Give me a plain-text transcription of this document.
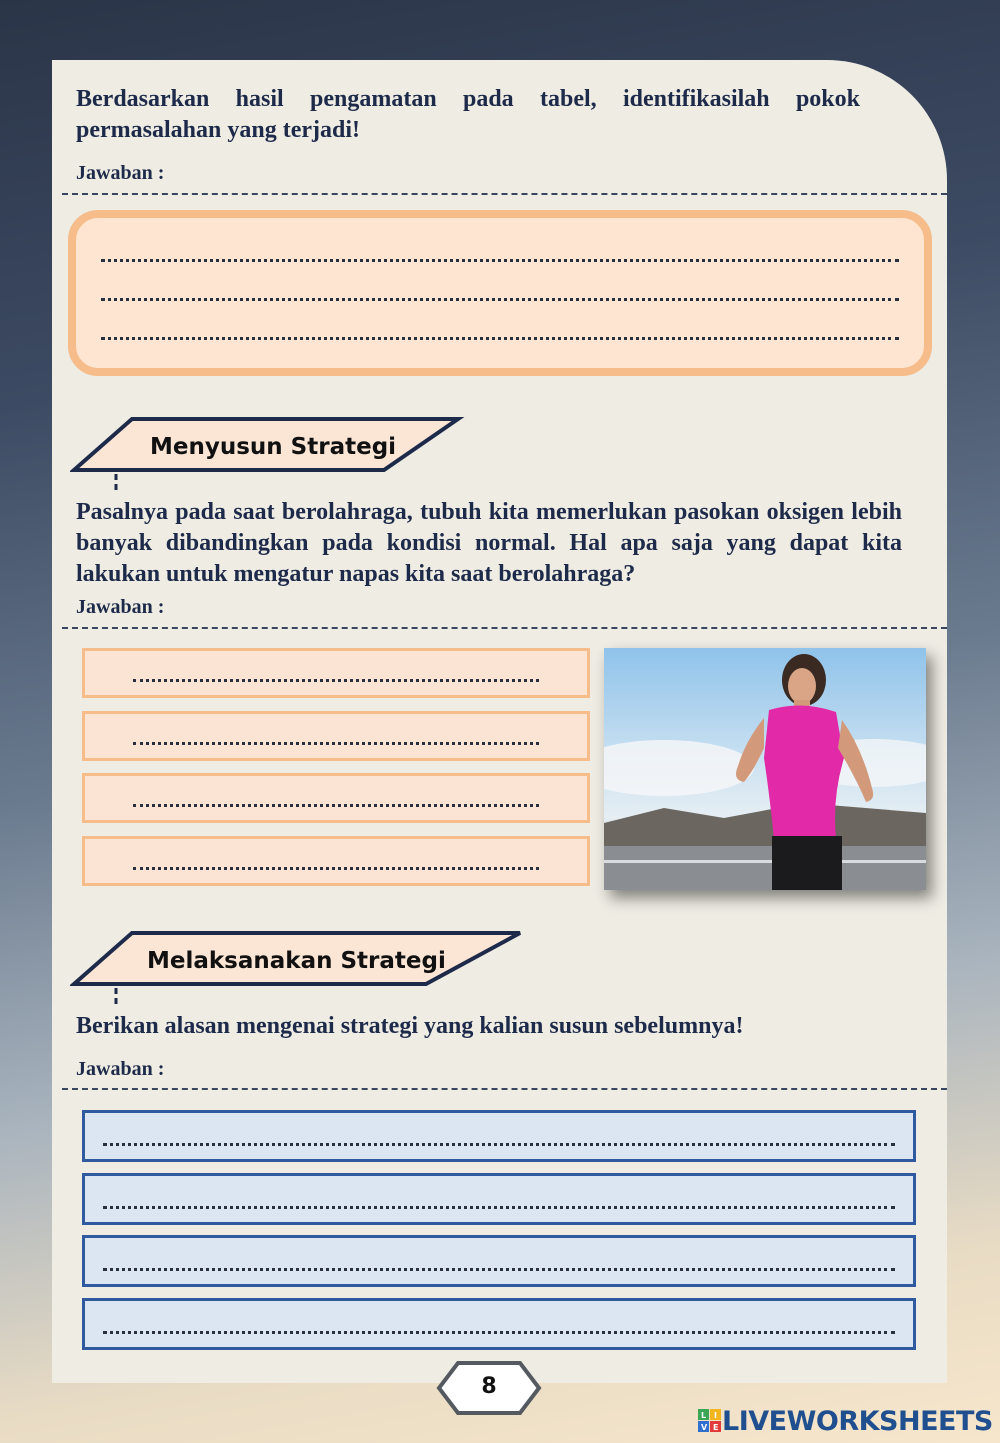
Berdasarkan hasil pengamatan pada tabel, identifikasilah pokok permasalahan yang terjadi!
Jawaban :
Menyusun Strategi
Pasalnya pada saat berolahraga, tubuh kita memerlukan pasokan oksigen lebih banyak dibandingkan pada kondisi normal. Hal apa saja yang dapat kita lakukan untuk mengatur napas kita saat berolahraga?
Jawaban :
Melaksanakan Strategi
Berikan alasan mengenai strategi yang kalian susun sebelumnya!
Jawaban :
8
L I
V E LIVEWORKSHEETS
